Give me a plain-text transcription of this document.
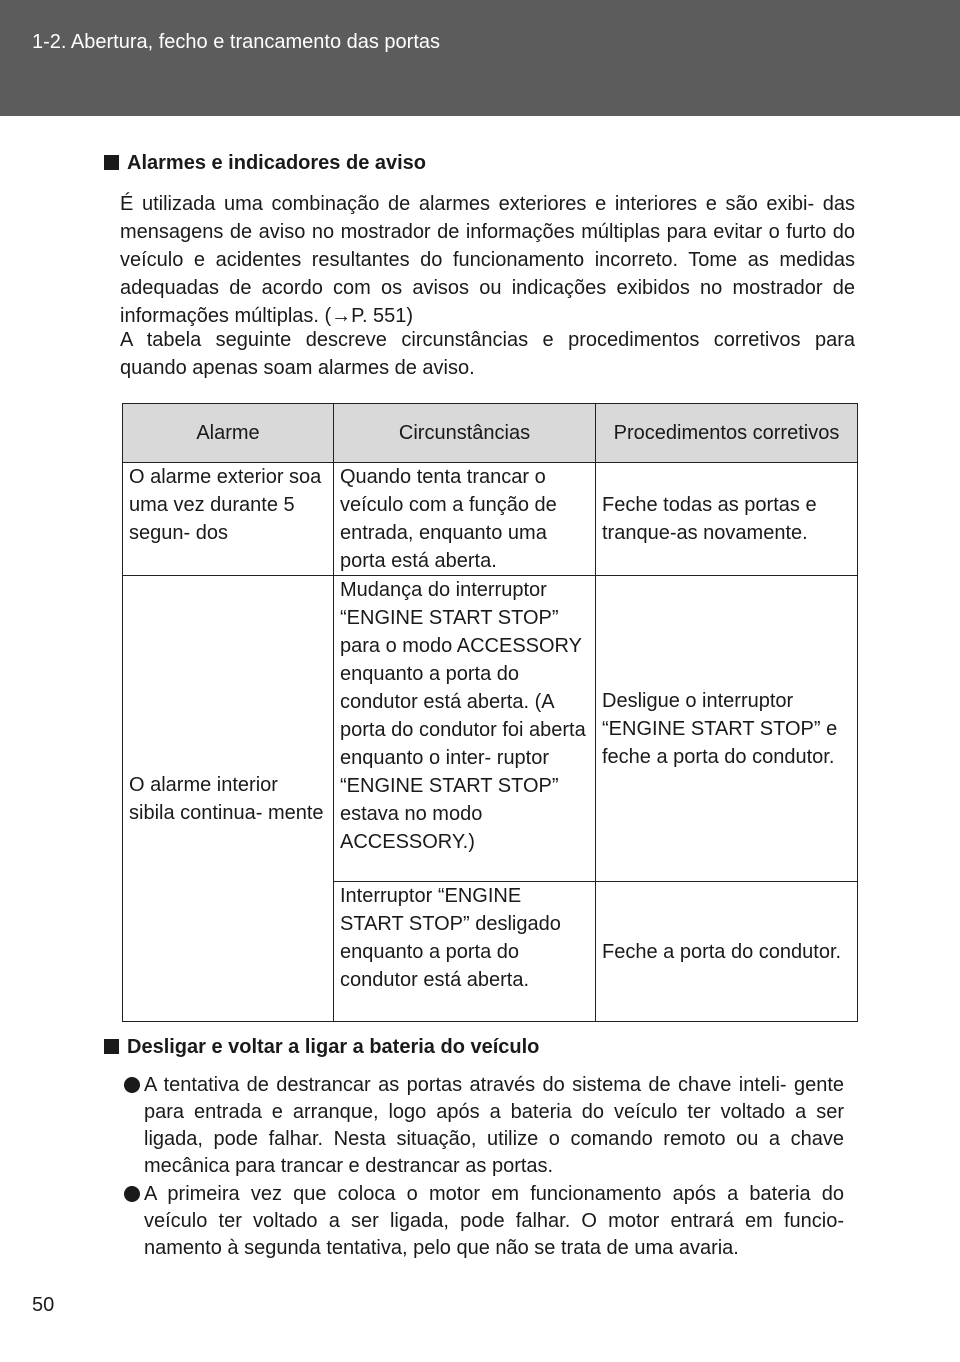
1-2. Abertura, fecho e trancamento das portas
Alarmes e indicadores de aviso
É utilizada uma combinação de alarmes exteriores e interiores e são exibi- das mensagens de aviso no mostrador de informações múltiplas para evitar o furto do veículo e acidentes resultantes do funcionamento incorreto. Tome as medidas adequadas de acordo com os avisos ou indicações exibidos no mostrador de informações múltiplas. (→P. 551)
A tabela seguinte descreve circunstâncias e procedimentos corretivos para quando apenas soam alarmes de aviso.
Alarme	Circunstâncias	Procedimentos corretivos
O alarme exterior soa uma vez durante 5 segun- dos	Quando tenta trancar o veículo com a função de entrada, enquanto uma porta está aberta.	Feche todas as portas e tranque-as novamente.
O alarme interior sibila continua- mente	Mudança do interruptor “ENGINE START STOP” para o modo ACCESSORY enquanto a porta do condutor está aberta. (A porta do condutor foi aberta enquanto o inter- ruptor “ENGINE START STOP” estava no modo ACCESSORY.)	Desligue o interruptor “ENGINE START STOP” e feche a porta do condutor.
	Interruptor “ENGINE START STOP” desligado enquanto a porta do condutor está aberta.	Feche a porta do condutor.
Desligar e voltar a ligar a bateria do veículo
A tentativa de destrancar as portas através do sistema de chave inteli- gente para entrada e arranque, logo após a bateria do veículo ter voltado a ser ligada, pode falhar. Nesta situação, utilize o comando remoto ou a chave mecânica para trancar e destrancar as portas.
A primeira vez que coloca o motor em funcionamento após a bateria do veículo ter voltado a ser ligada, pode falhar. O motor entrará em funcio- namento à segunda tentativa, pelo que não se trata de uma avaria.
50
